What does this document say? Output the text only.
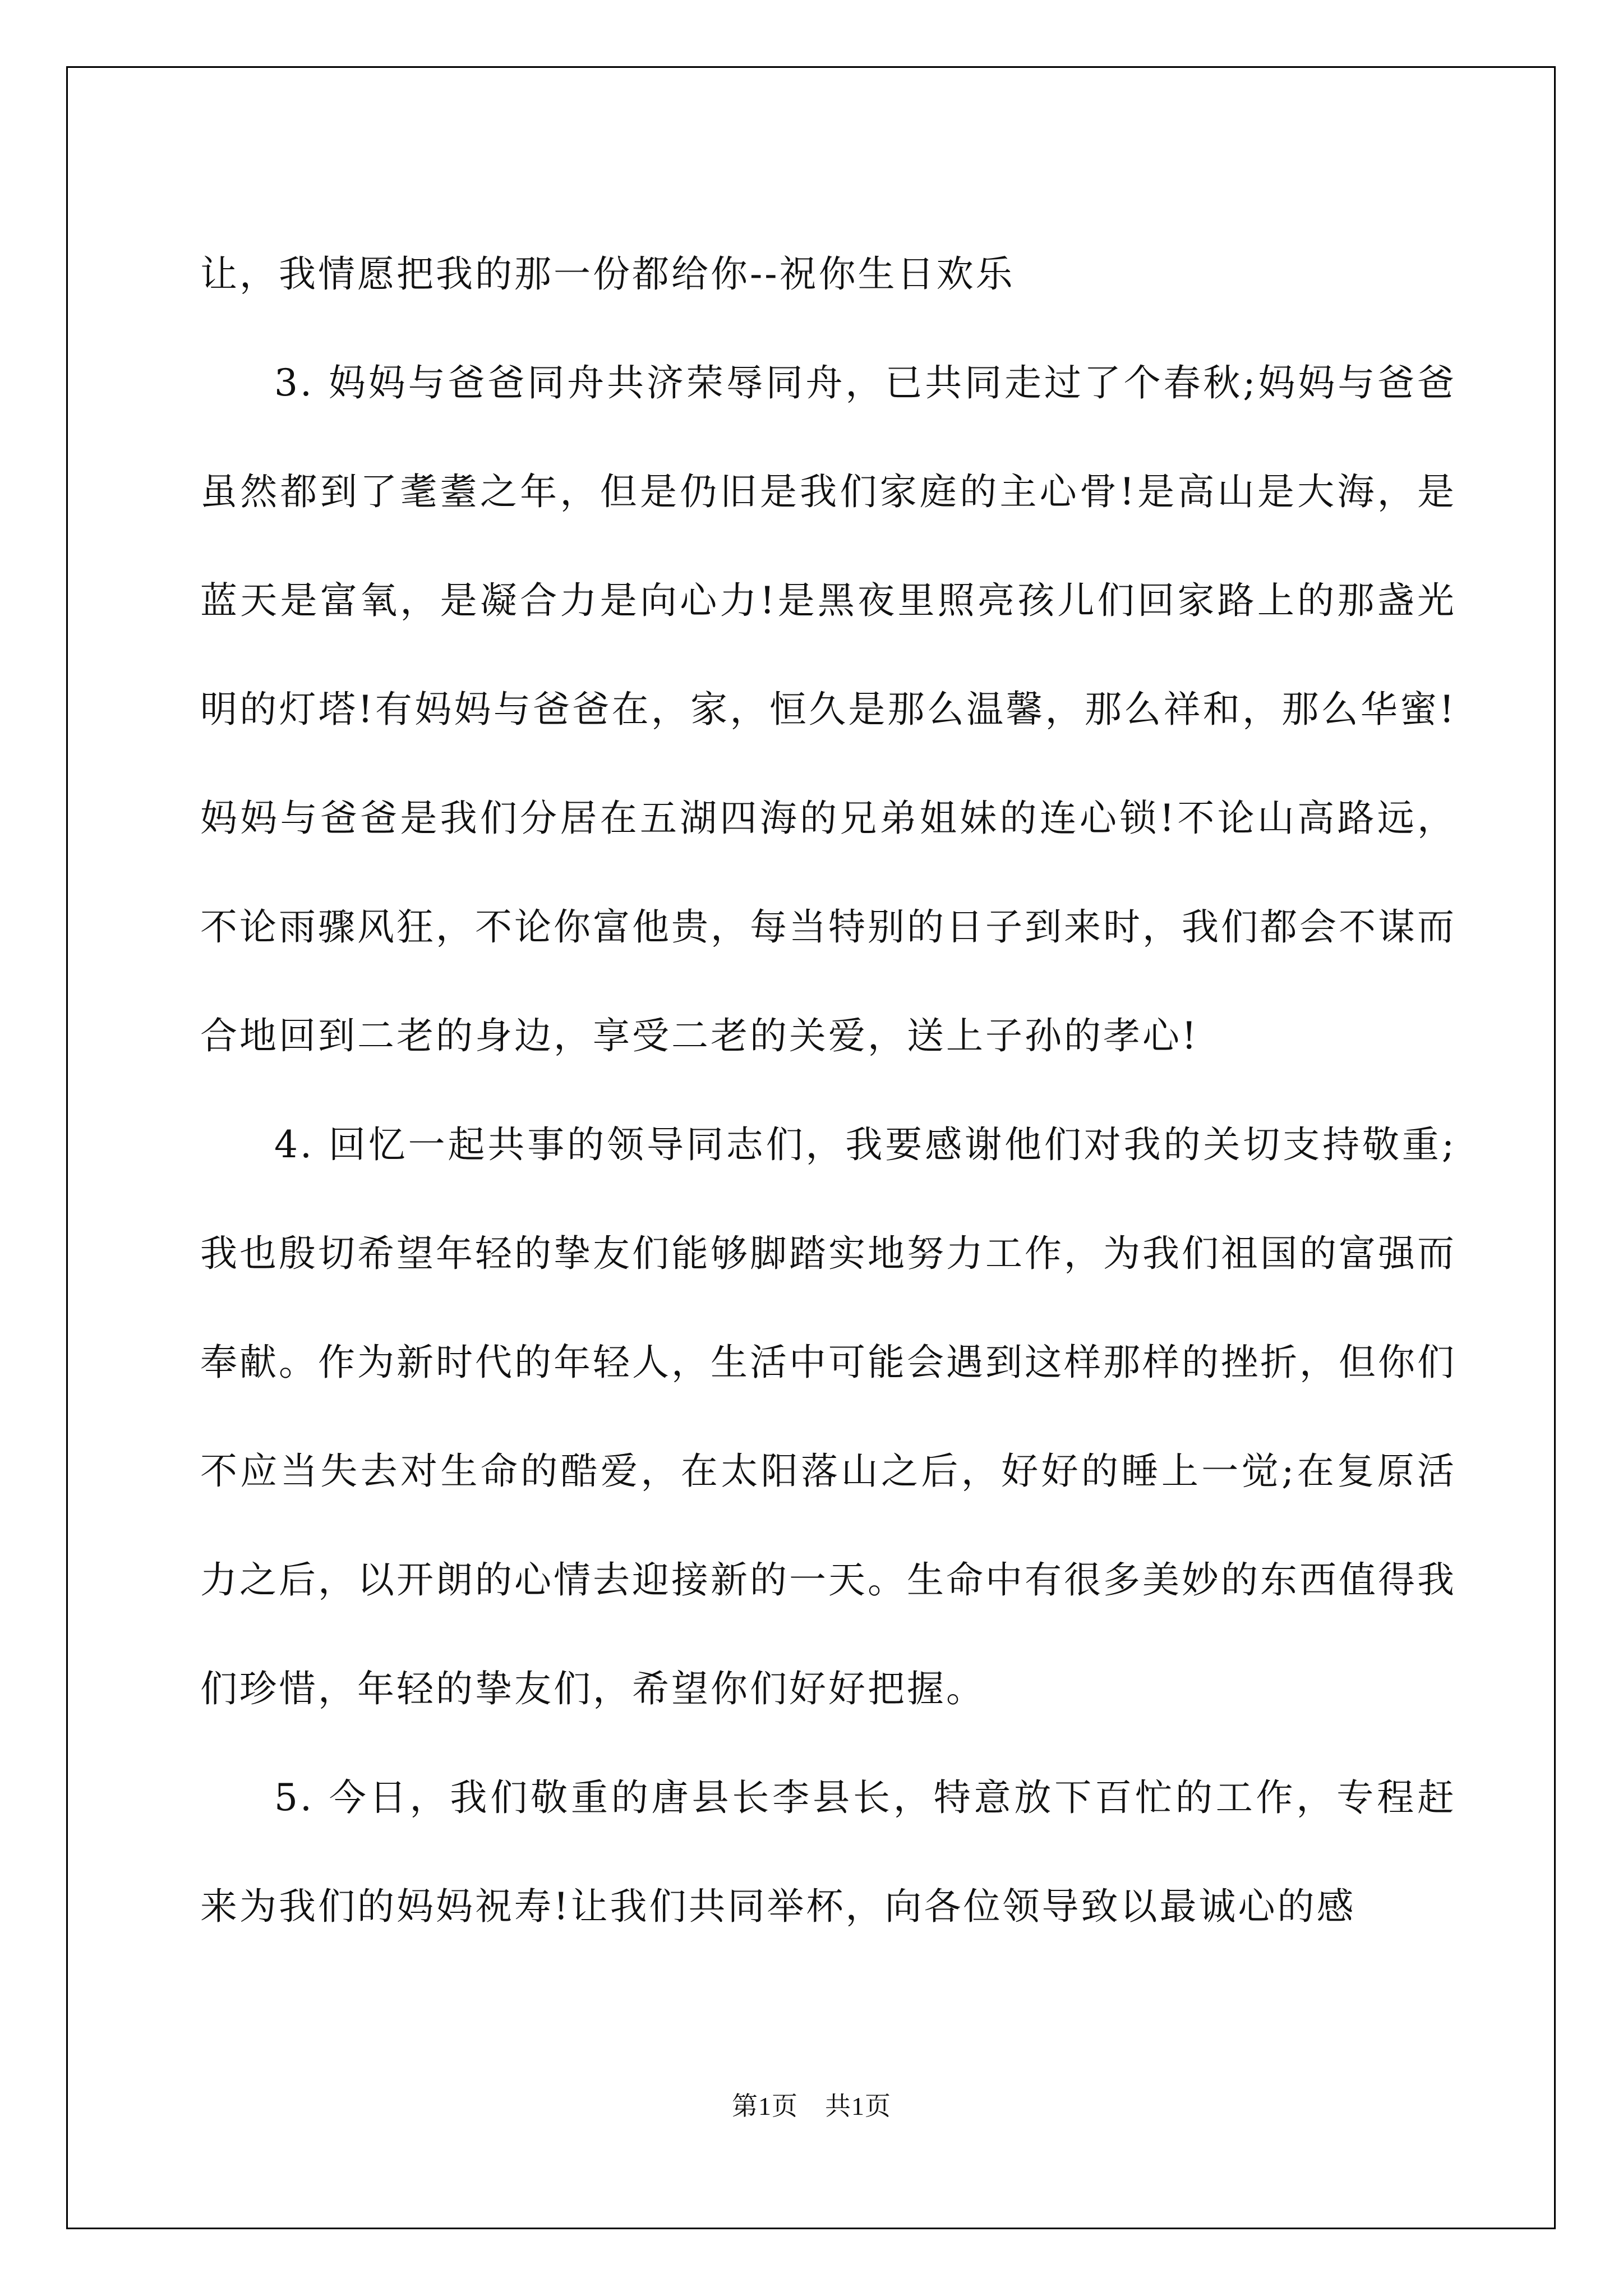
让，我情愿把我的那一份都给你--祝你生日欢乐

3. 妈妈与爸爸同舟共济荣辱同舟，已共同走过了个春秋;妈妈与爸爸虽然都到了耄耋之年，但是仍旧是我们家庭的主心骨!是高山是大海，是蓝天是富氧，是凝合力是向心力!是黑夜里照亮孩儿们回家路上的那盏光明的灯塔!有妈妈与爸爸在，家，恒久是那么温馨，那么祥和，那么华蜜!妈妈与爸爸是我们分居在五湖四海的兄弟姐妹的连心锁!不论山高路远，不论雨骤风狂，不论你富他贵，每当特别的日子到来时，我们都会不谋而合地回到二老的身边，享受二老的关爱，送上子孙的孝心!

4. 回忆一起共事的领导同志们，我要感谢他们对我的关切支持敬重;我也殷切希望年轻的挚友们能够脚踏实地努力工作，为我们祖国的富强而奉献。作为新时代的年轻人，生活中可能会遇到这样那样的挫折，但你们不应当失去对生命的酷爱，在太阳落山之后，好好的睡上一觉;在复原活力之后，以开朗的心情去迎接新的一天。生命中有很多美妙的东西值得我们珍惜，年轻的挚友们，希望你们好好把握。

5. 今日，我们敬重的唐县长李县长，特意放下百忙的工作，专程赶来为我们的妈妈祝寿!让我们共同举杯，向各位领导致以最诚心的感

第1页 共1页
